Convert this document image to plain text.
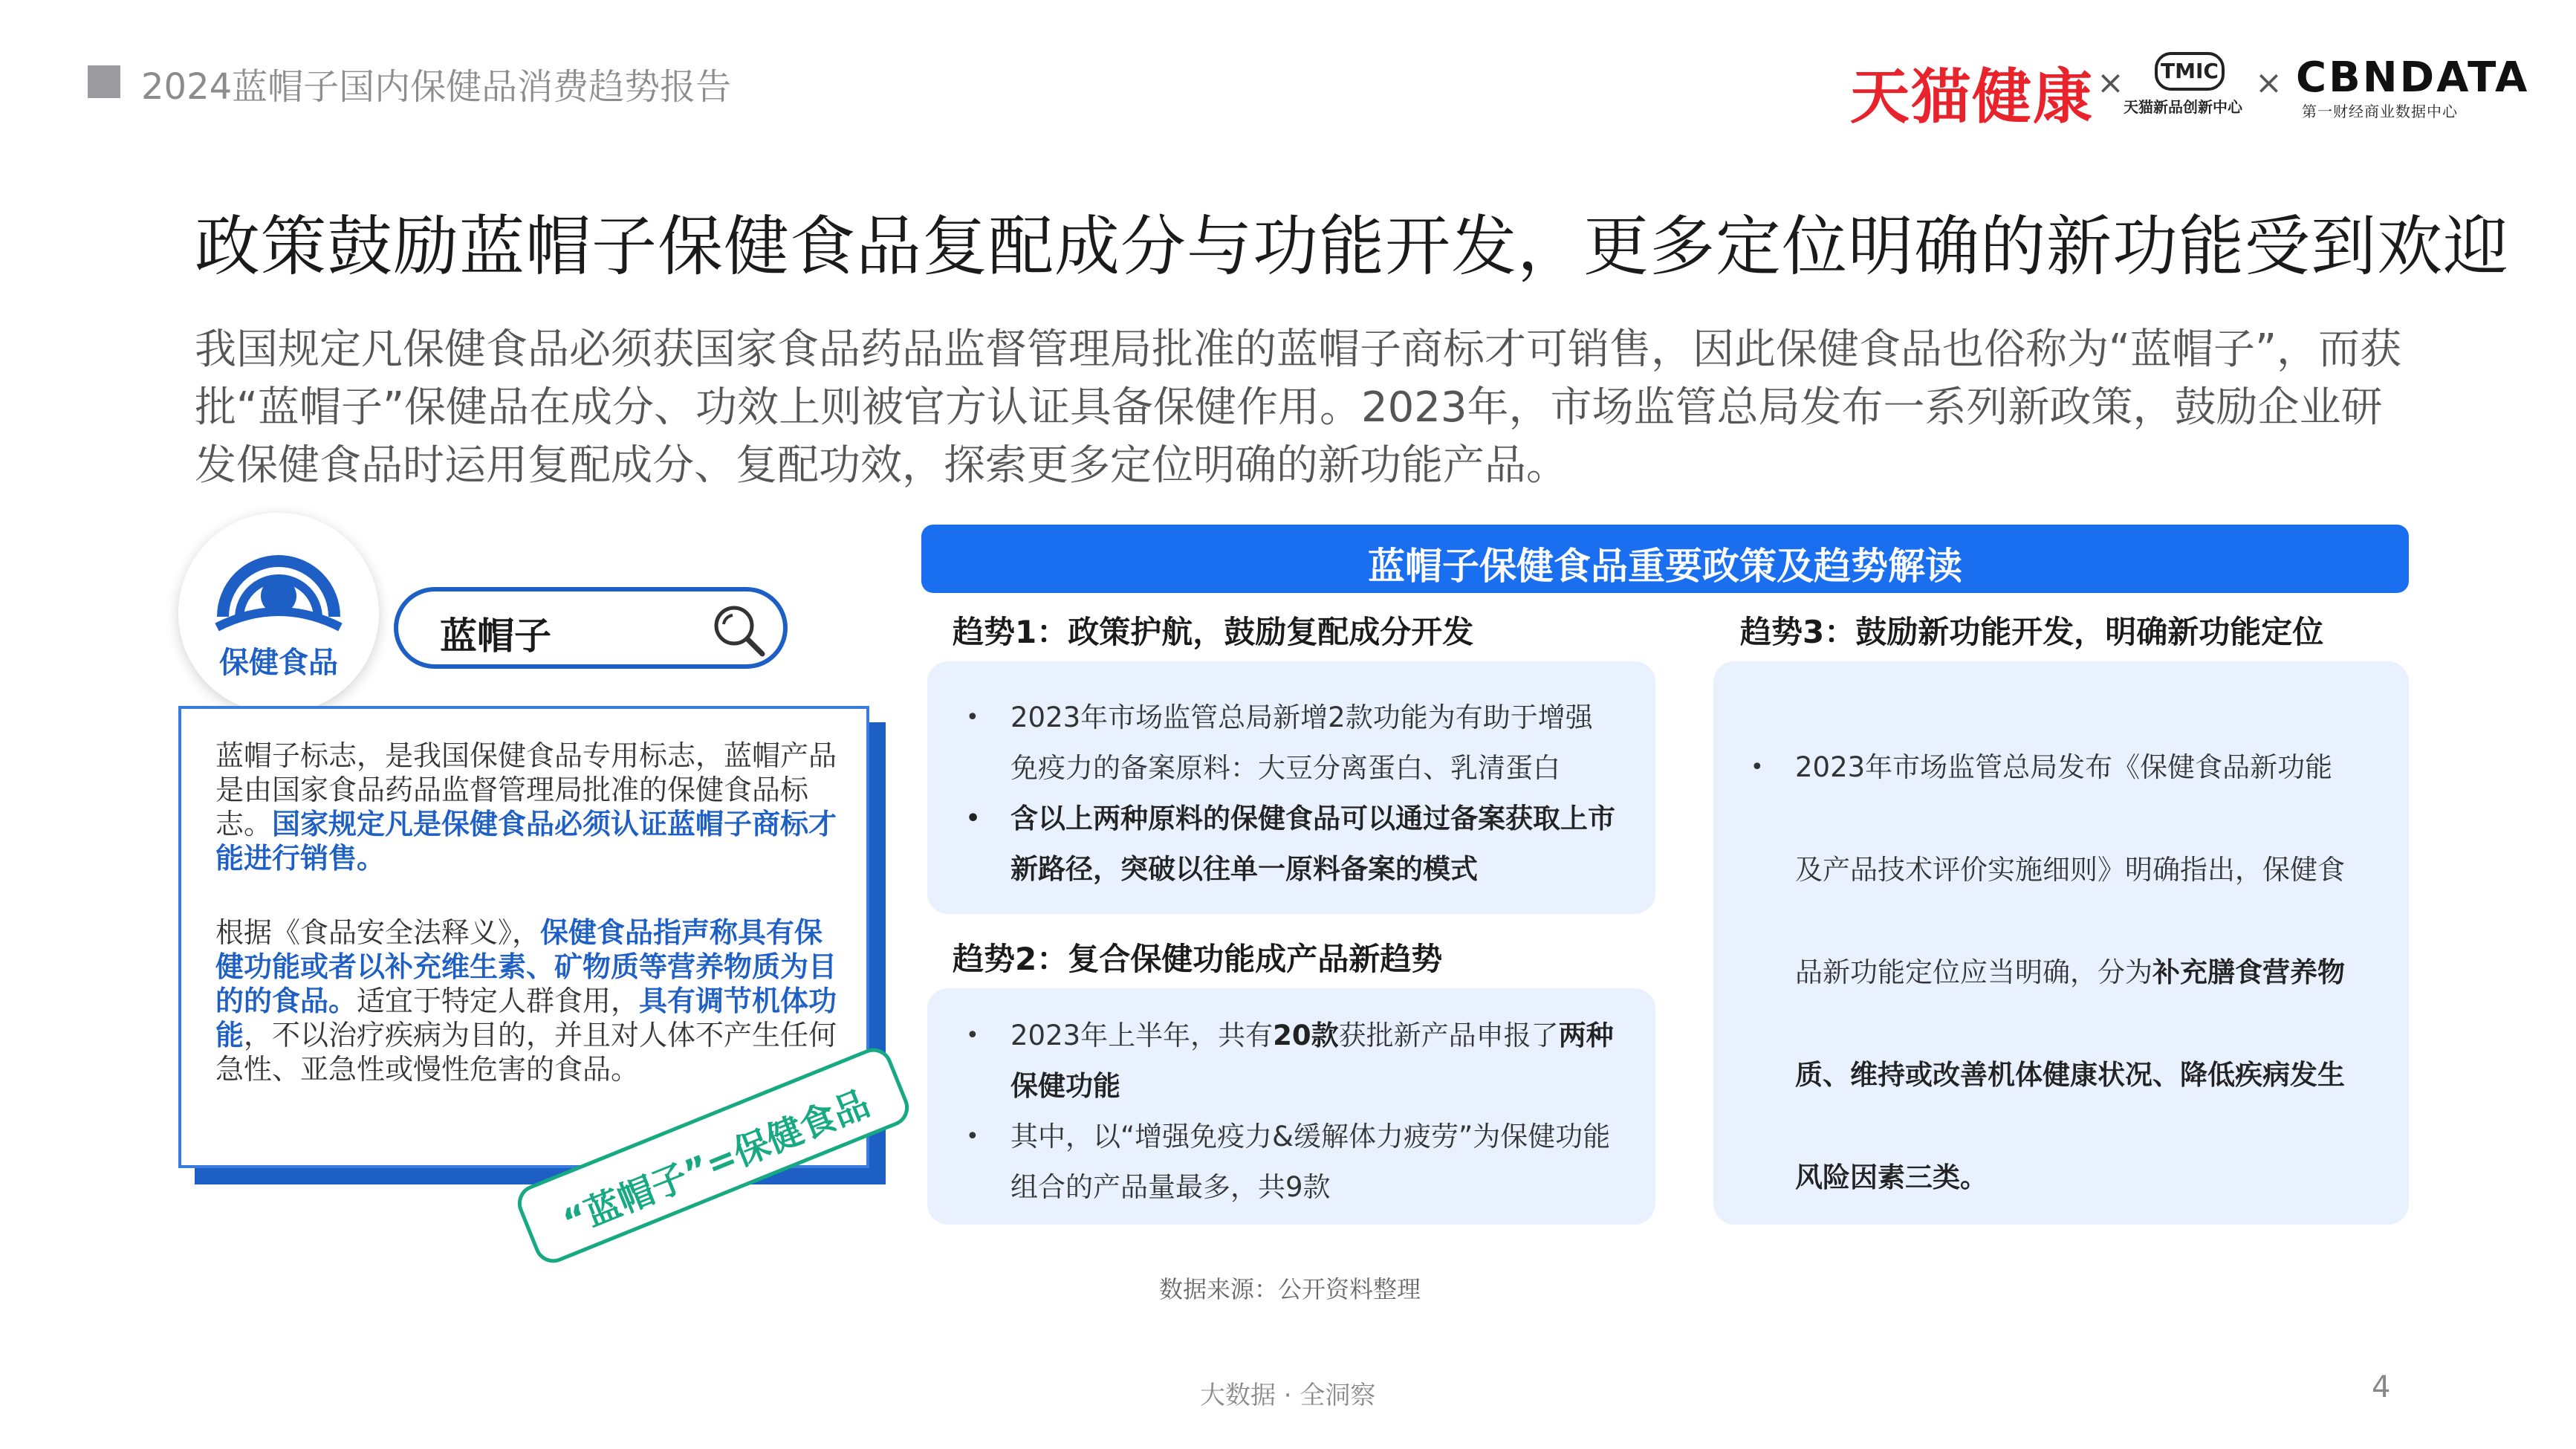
2024蓝帽子国内保健品消费趋势报告	天猫健康 × TMIC
天猫新品创新中心
× CBNDATA
第一财经商业数据中心
政策鼓励蓝帽子保健食品复配成分与功能开发，更多定位明确的新功能受到欢迎
我国规定凡保健食品必须获国家食品药品监督管理局批准的蓝帽子商标才可销售，因此保健食品也俗称为“蓝帽子”，而获批“蓝帽子”保健品在成分、功效上则被官方认证具备保健作用。2023年，市场监管总局发布一系列新政策，鼓励企业研发保健食品时运用复配成分、复配功效，探索更多定位明确的新功能产品。
保健食品
蓝帽子
蓝帽子标志，是我国保健食品专用标志，蓝帽产品是由国家食品药品监督管理局批准的保健食品标志。国家规定凡是保健食品必须认证蓝帽子商标才能进行销售。
根据《食品安全法释义》，保健食品指声称具有保健功能或者以补充维生素、矿物质等营养物质为目的的食品。适宜于特定人群食用，具有调节机体功能，不以治疗疾病为目的，并且对人体不产生任何急性、亚急性或慢性危害的食品。
“蓝帽子”=保健食品
蓝帽子保健食品重要政策及趋势解读
趋势1：政策护航，鼓励复配成分开发
• 2023年市场监管总局新增2款功能为有助于增强免疫力的备案原料：大豆分离蛋白、乳清蛋白
• 含以上两种原料的保健食品可以通过备案获取上市新路径，突破以往单一原料备案的模式
趋势2：复合保健功能成产品新趋势
• 2023年上半年，共有20款获批新产品申报了两种保健功能
• 其中，以“增强免疫力&缓解体力疲劳”为保健功能组合的产品量最多，共9款
趋势3：鼓励新功能开发，明确新功能定位
• 2023年市场监管总局发布《保健食品新功能及产品技术评价实施细则》明确指出，保健食品新功能定位应当明确，分为补充膳食营养物质、维持或改善机体健康状况、降低疾病发生风险因素三类。
数据来源：公开资料整理
大数据 · 全洞察	4
